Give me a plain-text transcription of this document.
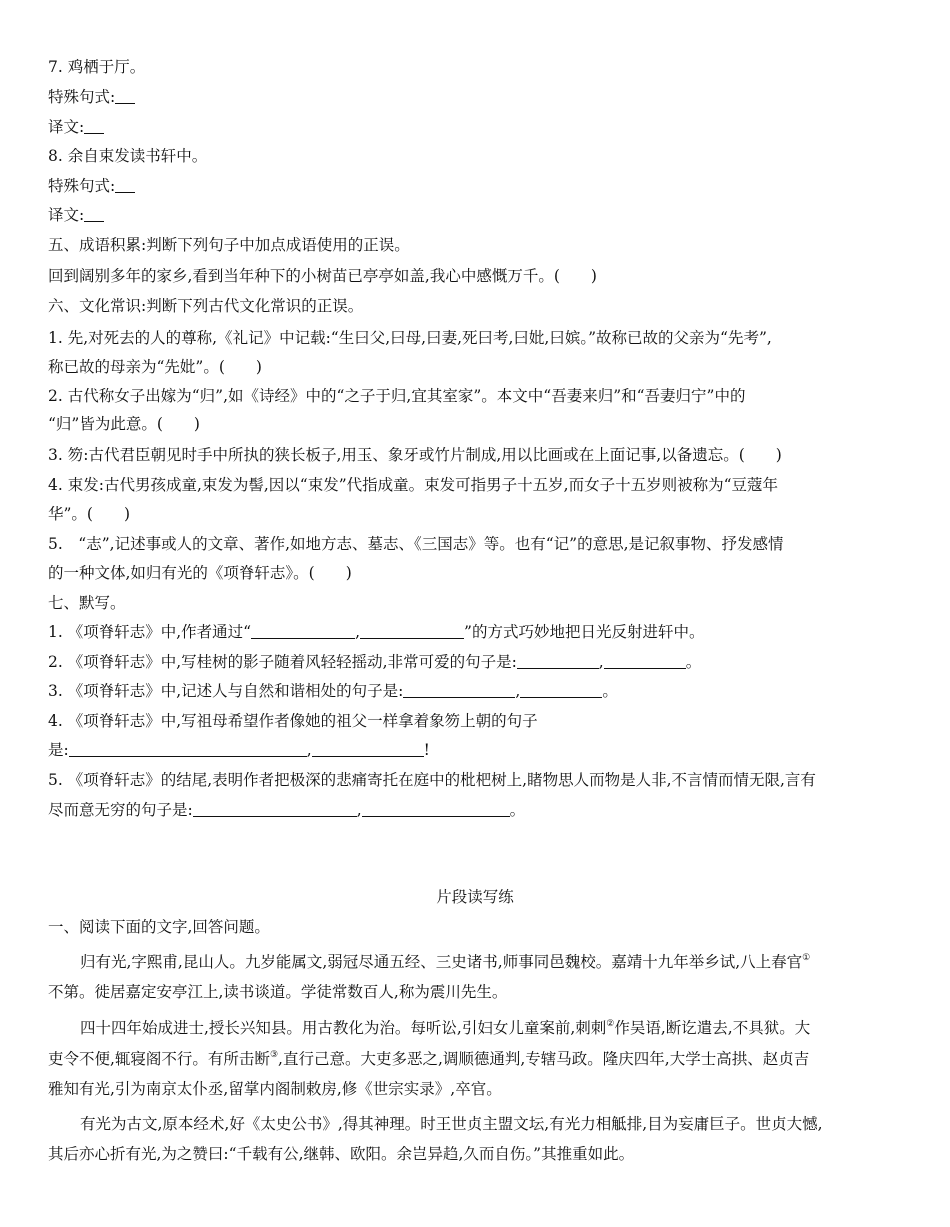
7. 鸡栖于厅。
特殊句式:
译文:
8. 余自束发读书轩中。
特殊句式:
译文:
五、成语积累:判断下列句子中加点成语使用的正误。
回到阔别多年的家乡,看到当年种下的小树苗已亭亭如盖,我心中感慨万千。(　　)
六、文化常识:判断下列古代文化常识的正误。
1. 先,对死去的人的尊称,《礼记》中记载:“生曰父,曰母,曰妻,死曰考,曰妣,曰嫔。”故称已故的父亲为“先考”,
称已故的母亲为“先妣”。(　　)
2. 古代称女子出嫁为“归”,如《诗经》中的“之子于归,宜其室家”。本文中“吾妻来归”和“吾妻归宁”中的
“归”皆为此意。(　　)
3. 笏:古代君臣朝见时手中所执的狭长板子,用玉、象牙或竹片制成,用以比画或在上面记事,以备遗忘。(　　)
4. 束发:古代男孩成童,束发为髻,因以“束发”代指成童。束发可指男子十五岁,而女子十五岁则被称为“豆蔻年
华”。(　　)
5.　“志”,记述事或人的文章、著作,如地方志、墓志、《三国志》等。也有“记”的意思,是记叙事物、抒发感情
的一种文体,如归有光的《项脊轩志》。(　　)
七、默写。
1. 《项脊轩志》中,作者通过“	,	”的方式巧妙地把日光反射进轩中。
2. 《项脊轩志》中,写桂树的影子随着风轻轻摇动,非常可爱的句子是:	,	。
3. 《项脊轩志》中,记述人与自然和谐相处的句子是:	,	。
4. 《项脊轩志》中,写祖母希望作者像她的祖父一样拿着象笏上朝的句子
是:	,	!
5. 《项脊轩志》的结尾,表明作者把极深的悲痛寄托在庭中的枇杷树上,睹物思人而物是人非,不言情而情无限,言有
尽而意无穷的句子是:	,	。
片段读写练
一、阅读下面的文字,回答问题。
归有光,字熙甫,昆山人。九岁能属文,弱冠尽通五经、三史诸书,师事同邑魏校。嘉靖十九年举乡试,八上春官①
不第。徙居嘉定安亭江上,读书谈道。学徒常数百人,称为震川先生。
四十四年始成进士,授长兴知县。用古教化为治。每听讼,引妇女儿童案前,刺刺②作吴语,断讫遣去,不具狱。大
吏令不便,辄寝阁不行。有所击断③,直行己意。大吏多恶之,调顺德通判,专辖马政。隆庆四年,大学士高拱、赵贞吉
雅知有光,引为南京太仆丞,留掌内阁制敕房,修《世宗实录》,卒官。
有光为古文,原本经术,好《太史公书》,得其神理。时王世贞主盟文坛,有光力相觝排,目为妄庸巨子。世贞大憾,
其后亦心折有光,为之赞曰:“千载有公,继韩、欧阳。余岂异趋,久而自伤。”其推重如此。
